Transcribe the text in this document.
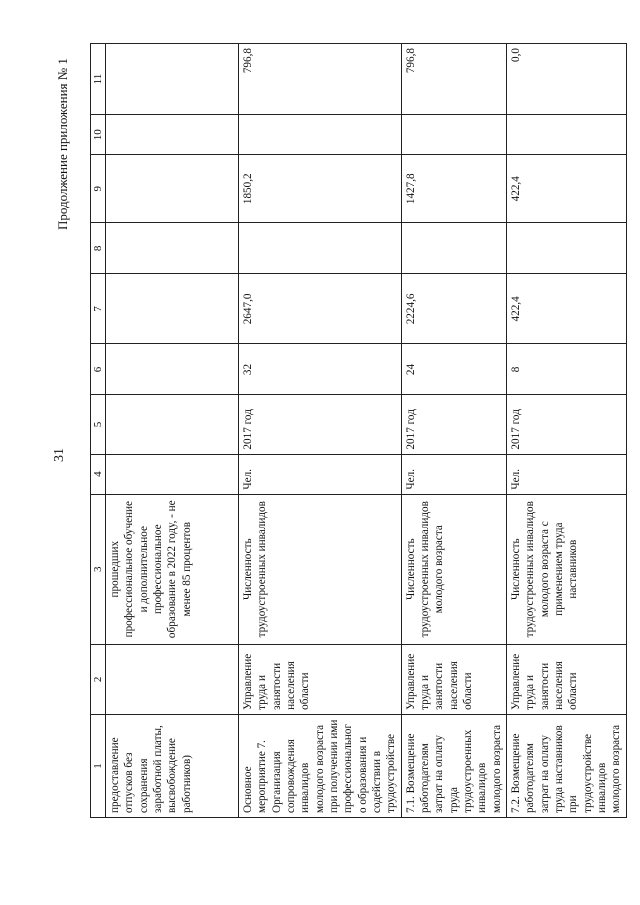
31
Продолжение приложения № 1
1	2	3	4	5	6	7	8	9	10	11
предоставление отпусков без сохранения заработной платы, высвобождение работников)		прошедших профессиональное обучение и дополнительное профессиональное образование в 2022 году, - не менее 85 процентов								
Основное мероприятие 7. Организация сопровождения инвалидов молодого возраста при получении ими профессионального образования и содействии в трудоустройстве	Управление труда и занятости населения области	Численность трудоустроенных инвалидов	Чел.	2017 год	32	2647,0		1850,2		796,8
7.1. Возмещение работодателям затрат на оплату труда трудоустроенных инвалидов молодого возраста	Управление труда и занятости населения области	Численность трудоустроенных инвалидов молодого возраста	Чел.	2017 год	24	2224,6		1427,8		796,8
7.2. Возмещение работодателям затрат на оплату труда наставников при трудоустройстве инвалидов молодого возраста	Управление труда и занятости населения области	Численность трудоустроенных инвалидов молодого возраста с применением труда наставников	Чел.	2017 год	8	422,4		422,4		0,0
